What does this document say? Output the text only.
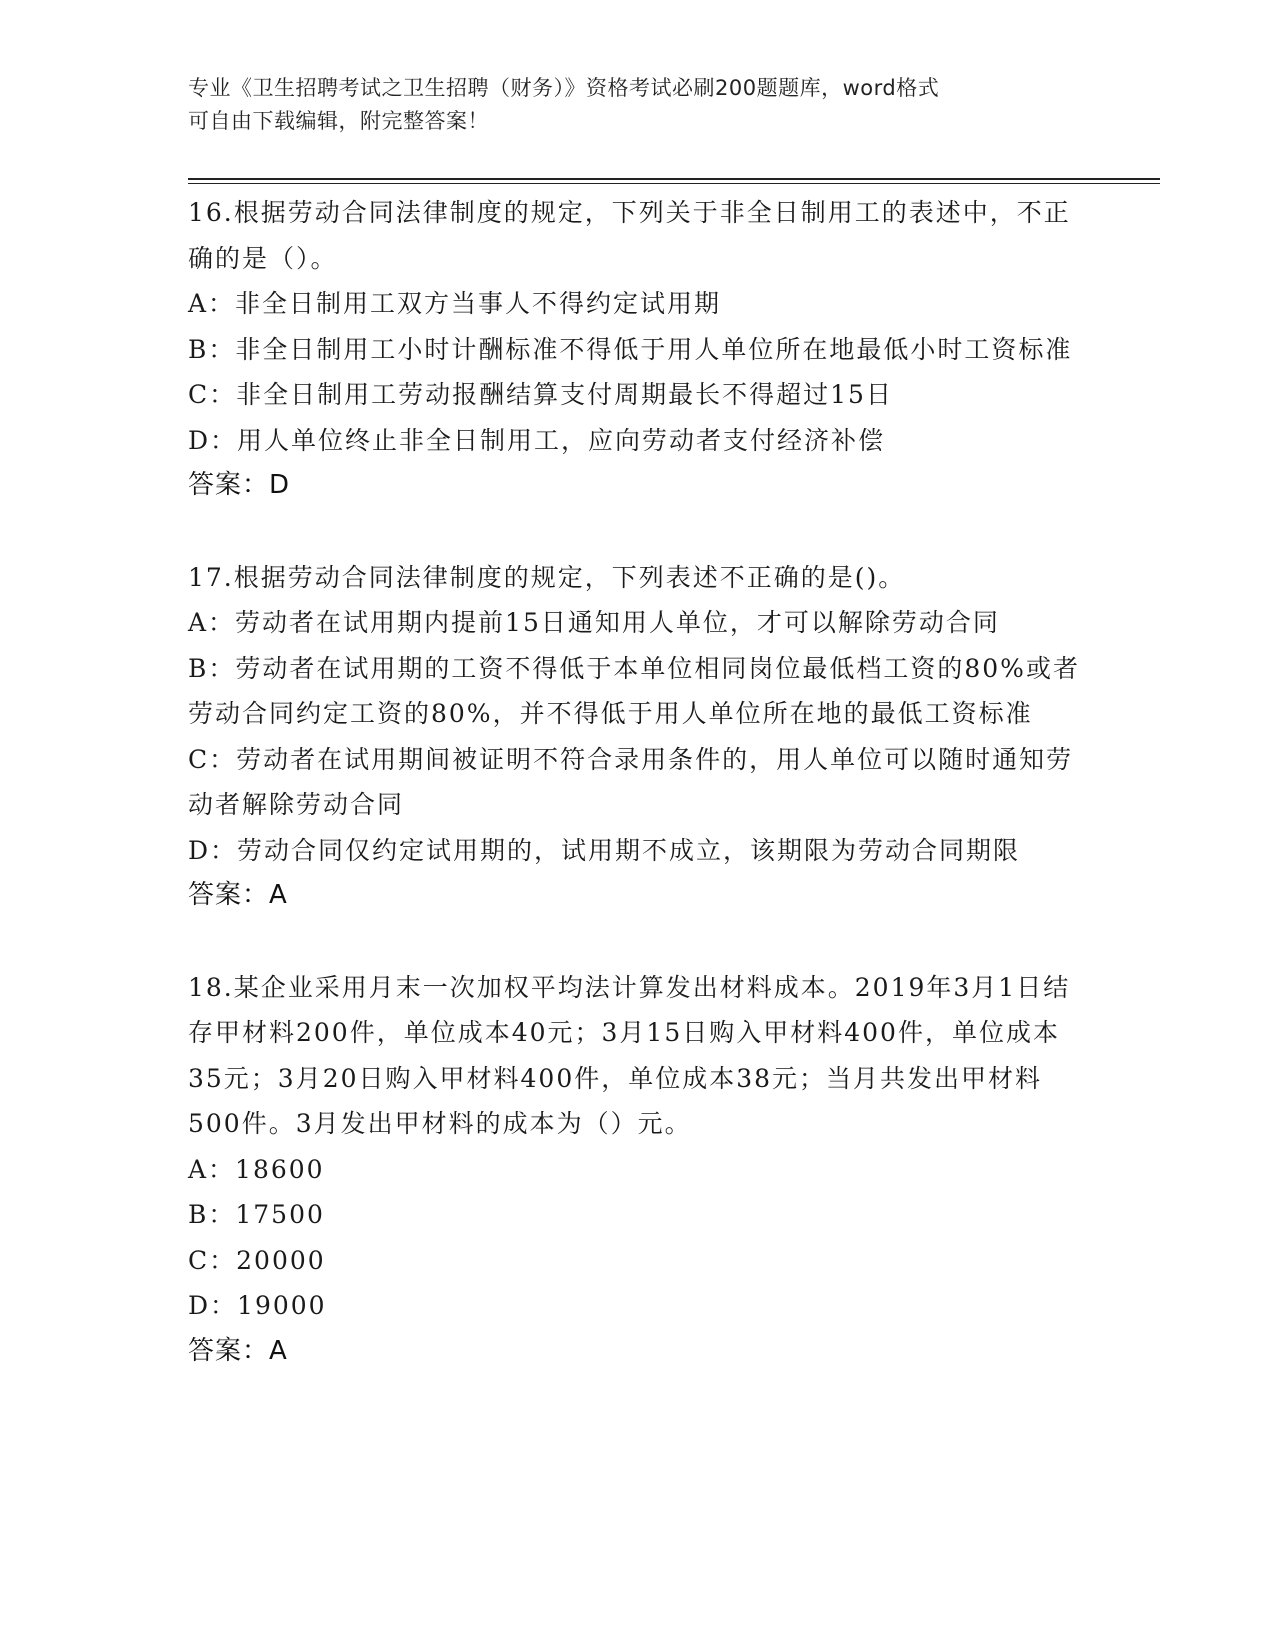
专业《卫生招聘考试之卫生招聘（财务）》资格考试必刷200题题库，word格式
可自由下载编辑，附完整答案！

16.根据劳动合同法律制度的规定，下列关于非全日制用工的表述中，不正确的是（）。

A：非全日制用工双方当事人不得约定试用期

B：非全日制用工小时计酬标准不得低于用人单位所在地最低小时工资标准

C：非全日制用工劳动报酬结算支付周期最长不得超过15日

D：用人单位终止非全日制用工，应向劳动者支付经济补偿

答案：D

17.根据劳动合同法律制度的规定，下列表述不正确的是()。

A：劳动者在试用期内提前15日通知用人单位，才可以解除劳动合同

B：劳动者在试用期的工资不得低于本单位相同岗位最低档工资的80%或者劳动合同约定工资的80%，并不得低于用人单位所在地的最低工资标准

C：劳动者在试用期间被证明不符合录用条件的，用人单位可以随时通知劳动者解除劳动合同

D：劳动合同仅约定试用期的，试用期不成立，该期限为劳动合同期限

答案：A

18.某企业采用月末一次加权平均法计算发出材料成本。2019年3月1日结存甲材料200件，单位成本40元；3月15日购入甲材料400件，单位成本35元；3月20日购入甲材料400件，单位成本38元；当月共发出甲材料500件。3月发出甲材料的成本为（）元。

A：18600

B：17500

C：20000

D：19000

答案：A
